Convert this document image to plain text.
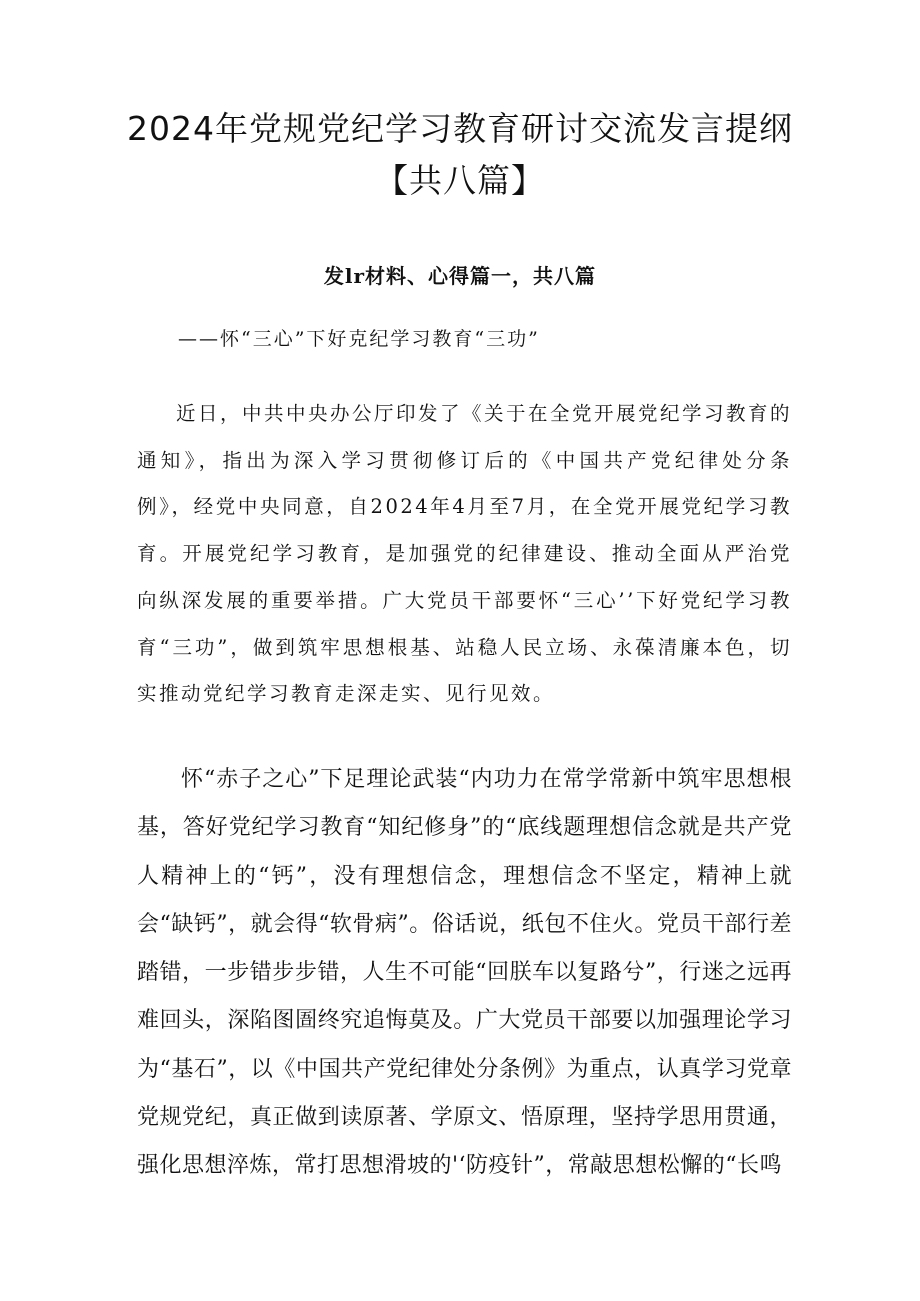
2024年党规党纪学习教育研讨交流发言提纲【共八篇】
发lr材料、心得篇一，共八篇
——怀“三心”下好克纪学习教育“三功”

近日，中共中央办公厅印发了《关于在全党开展党纪学习教育的通知》，指出为深入学习贯彻修订后的《中国共产党纪律处分条例》，经党中央同意，自2024年4月至7月，在全党开展党纪学习教育。开展党纪学习教育，是加强党的纪律建设、推动全面从严治党向纵深发展的重要举措。广大党员干部要怀“三心’’下好党纪学习教育“三功”，做到筑牢思想根基、站稳人民立场、永葆清廉本色，切实推动党纪学习教育走深走实、见行见效。

怀“赤子之心”下足理论武装“内功力在常学常新中筑牢思想根基，答好党纪学习教育“知纪修身”的“底线题理想信念就是共产党人精神上的“钙”，没有理想信念，理想信念不坚定，精神上就会“缺钙”，就会得“软骨病”。俗话说，纸包不住火。党员干部行差踏错，一步错步步错，人生不可能“回朕车以复路兮”，行迷之远再难回头，深陷图圄终究追悔莫及。广大党员干部要以加强理论学习为“基石”，以《中国共产党纪律处分条例》为重点，认真学习党章党规党纪，真正做到读原著、学原文、悟原理，坚持学思用贯通，强化思想淬炼，常打思想滑坡的'‘防疫针”，常敲思想松懈的“长鸣
